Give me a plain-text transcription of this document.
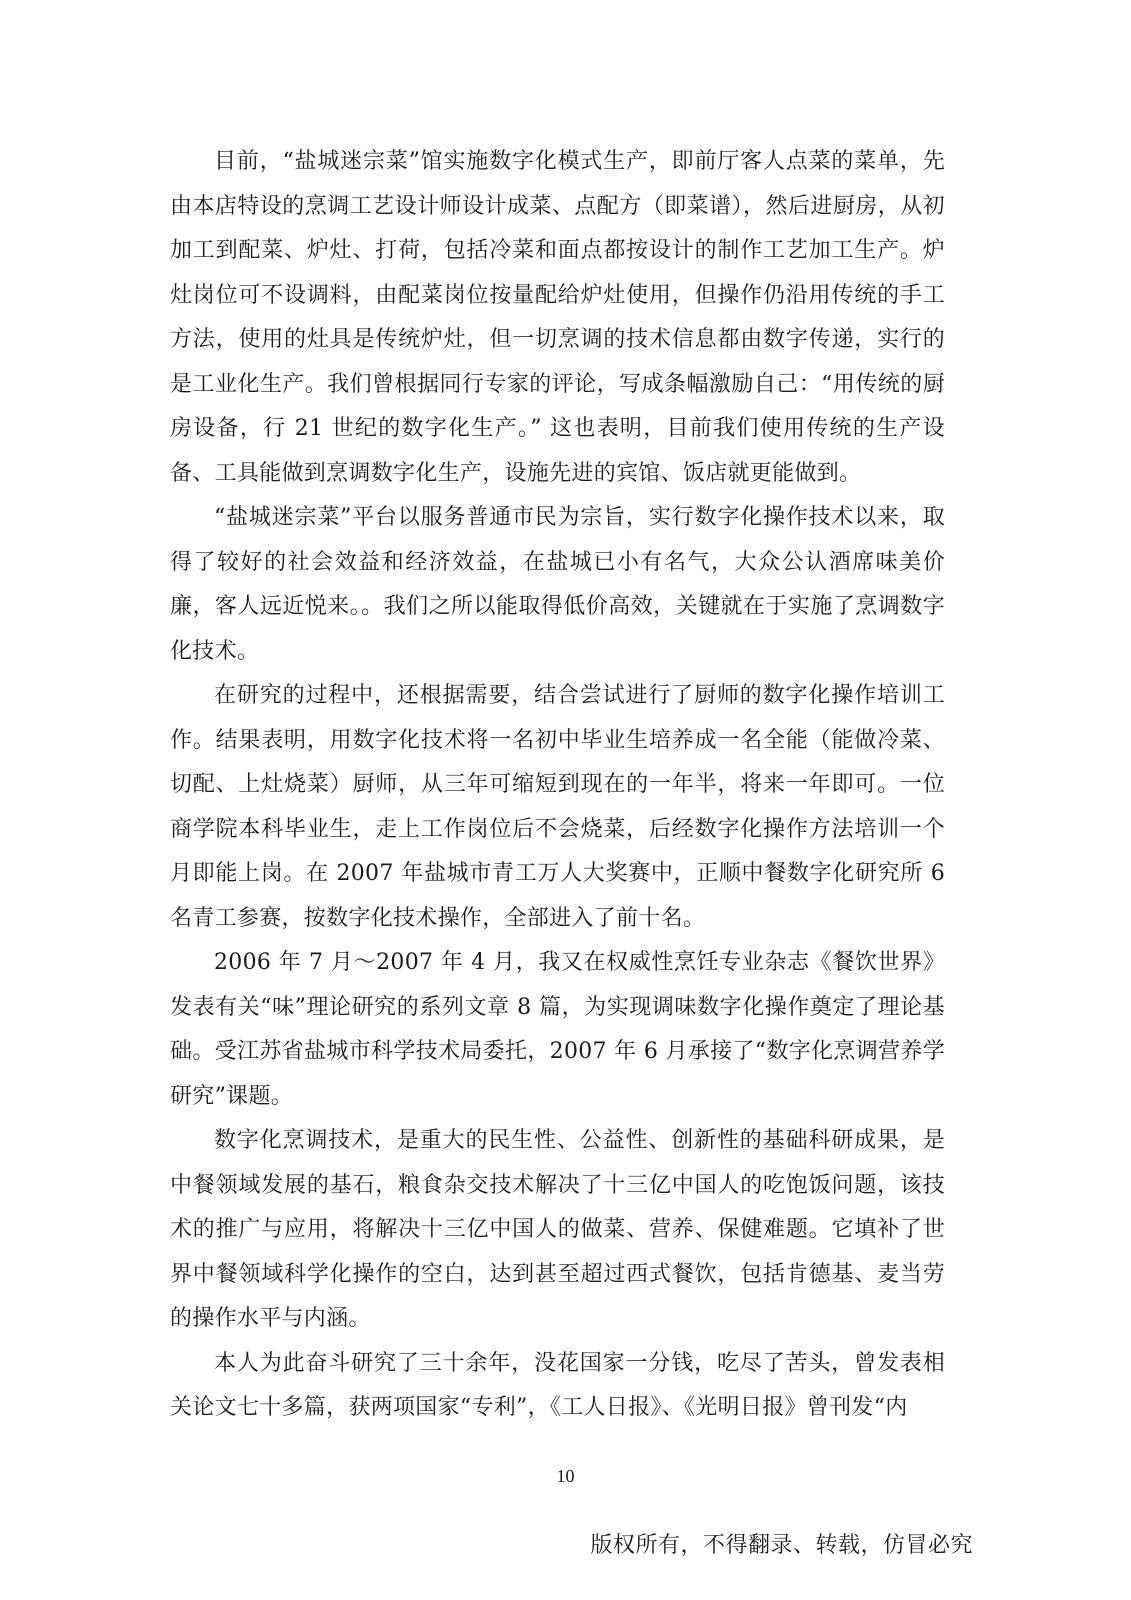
目前，“盐城迷宗菜”馆实施数字化模式生产，即前厅客人点菜的菜单，先由本店特设的烹调工艺设计师设计成菜、点配方（即菜谱），然后进厨房，从初加工到配菜、炉灶、打荷，包括冷菜和面点都按设计的制作工艺加工生产。炉灶岗位可不设调料，由配菜岗位按量配给炉灶使用，但操作仍沿用传统的手工方法，使用的灶具是传统炉灶，但一切烹调的技术信息都由数字传递，实行的是工业化生产。我们曾根据同行专家的评论，写成条幅激励自己：“用传统的厨房设备，行 21 世纪的数字化生产。” 这也表明，目前我们使用传统的生产设备、工具能做到烹调数字化生产，设施先进的宾馆、饭店就更能做到。

“盐城迷宗菜”平台以服务普通市民为宗旨，实行数字化操作技术以来，取得了较好的社会效益和经济效益，在盐城已小有名气，大众公认酒席味美价廉，客人远近悦来。。我们之所以能取得低价高效，关键就在于实施了烹调数字化技术。

在研究的过程中，还根据需要，结合尝试进行了厨师的数字化操作培训工作。结果表明，用数字化技术将一名初中毕业生培养成一名全能（能做冷菜、切配、上灶烧菜）厨师，从三年可缩短到现在的一年半，将来一年即可。一位商学院本科毕业生，走上工作岗位后不会烧菜，后经数字化操作方法培训一个月即能上岗。在 2007 年盐城市青工万人大奖赛中，正顺中餐数字化研究所 6 名青工参赛，按数字化技术操作，全部进入了前十名。

2006 年 7 月～2007 年 4 月，我又在权威性烹饪专业杂志《餐饮世界》发表有关“味”理论研究的系列文章 8 篇，为实现调味数字化操作奠定了理论基础。受江苏省盐城市科学技术局委托，2007 年 6 月承接了“数字化烹调营养学研究”课题。

数字化烹调技术，是重大的民生性、公益性、创新性的基础科研成果，是中餐领域发展的基石，粮食杂交技术解决了十三亿中国人的吃饱饭问题，该技术的推广与应用，将解决十三亿中国人的做菜、营养、保健难题。它填补了世界中餐领域科学化操作的空白，达到甚至超过西式餐饮，包括肯德基、麦当劳的操作水平与内涵。

本人为此奋斗研究了三十余年，没花国家一分钱，吃尽了苦头，曾发表相关论文七十多篇，获两项国家“专利”，《工人日报》、《光明日报》曾刊发“内

10
版权所有，不得翻录、转载，仿冒必究
